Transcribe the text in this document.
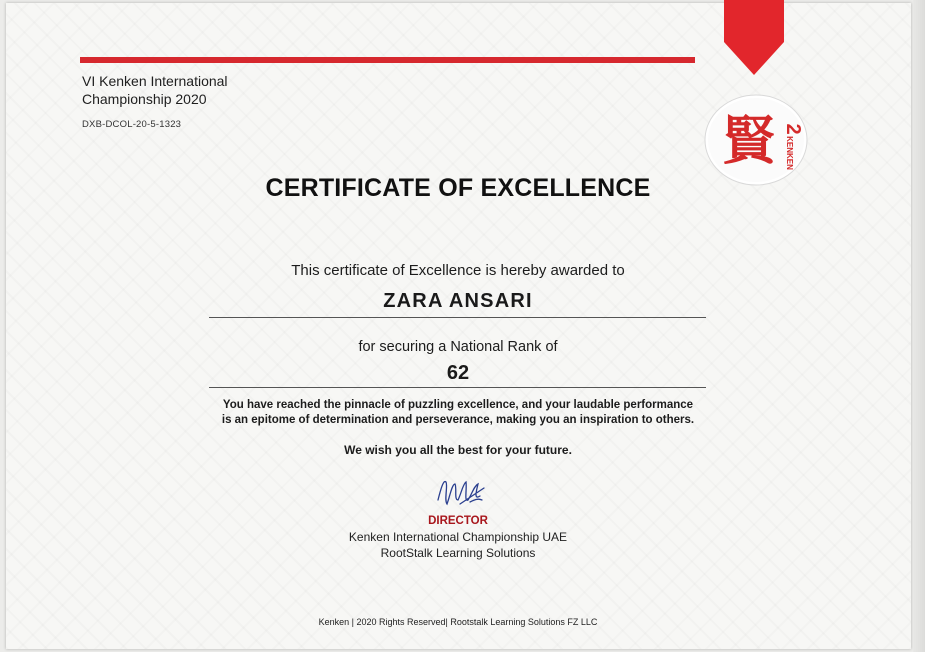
VI Kenken International
Championship 2020
DXB-DCOL-20-5-1323	賢 2
KENKEN
CERTIFICATE OF EXCELLENCE
This certificate of Excellence is hereby awarded to
ZARA ANSARI
for securing a National Rank of
62
You have reached the pinnacle of puzzling excellence, and your laudable performance
is an epitome of determination and perseverance, making you an inspiration to others.
We wish you all the best for your future.
DIRECTOR
Kenken International Championship UAE
RootStalk Learning Solutions
Kenken | 2020 Rights Reserved| Rootstalk Learning Solutions FZ LLC
